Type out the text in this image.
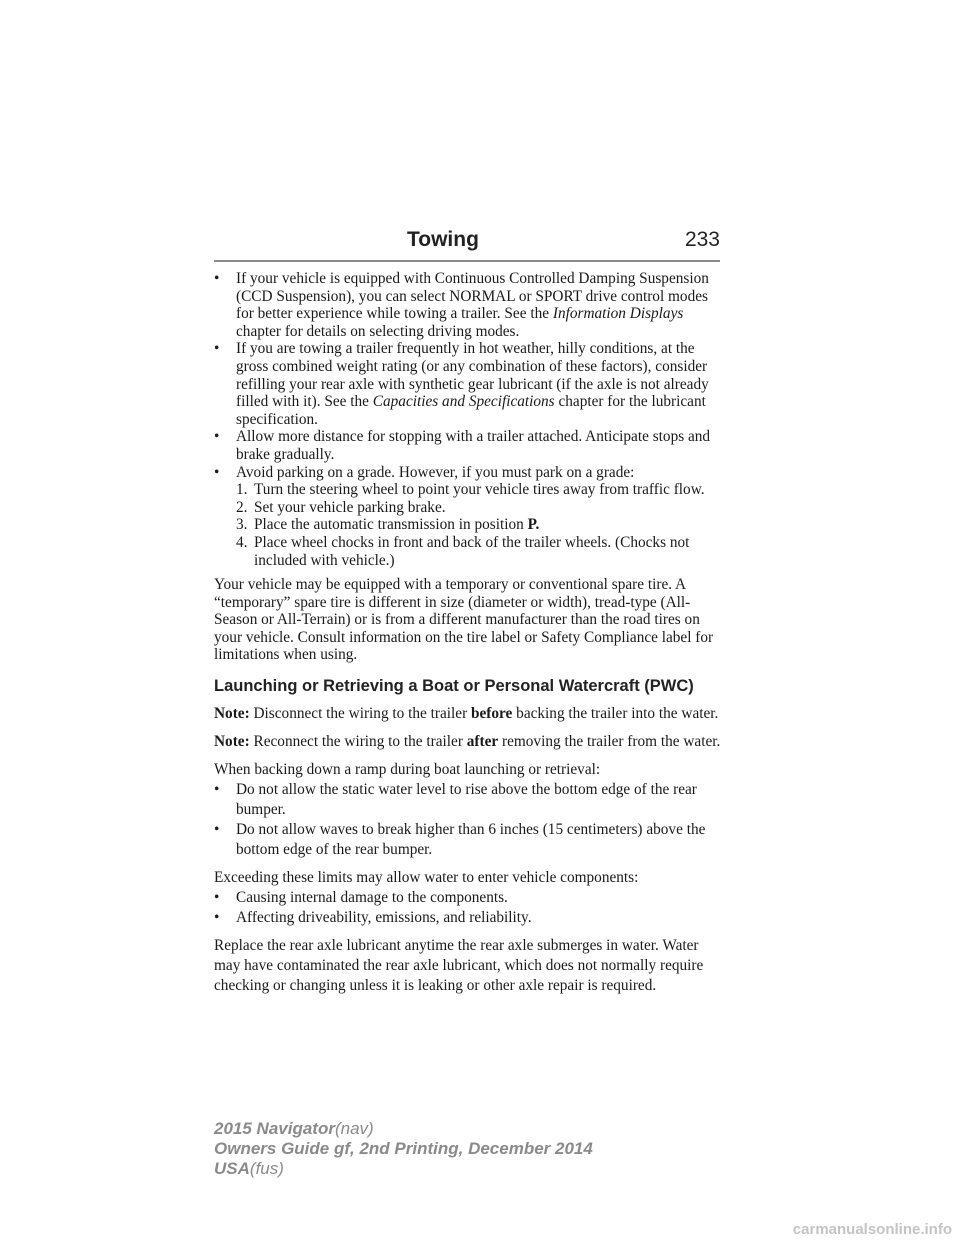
Towing	233
• If your vehicle is equipped with Continuous Controlled Damping Suspension (CCD Suspension), you can select NORMAL or SPORT drive control modes for better experience while towing a trailer. See the Information Displays chapter for details on selecting driving modes.
• If you are towing a trailer frequently in hot weather, hilly conditions, at the gross combined weight rating (or any combination of these factors), consider refilling your rear axle with synthetic gear lubricant (if the axle is not already filled with it). See the Capacities and Specifications chapter for the lubricant specification.
• Allow more distance for stopping with a trailer attached. Anticipate stops and brake gradually.
• Avoid parking on a grade. However, if you must park on a grade:
1. Turn the steering wheel to point your vehicle tires away from traffic flow.
2. Set your vehicle parking brake.
3. Place the automatic transmission in position P.
4. Place wheel chocks in front and back of the trailer wheels. (Chocks not included with vehicle.)

Your vehicle may be equipped with a temporary or conventional spare tire. A “temporary” spare tire is different in size (diameter or width), tread-type (All-Season or All-Terrain) or is from a different manufacturer than the road tires on your vehicle. Consult information on the tire label or Safety Compliance label for limitations when using.

Launching or Retrieving a Boat or Personal Watercraft (PWC)

Note: Disconnect the wiring to the trailer before backing the trailer into the water.

Note: Reconnect the wiring to the trailer after removing the trailer from the water.

When backing down a ramp during boat launching or retrieval:

• Do not allow the static water level to rise above the bottom edge of the rear bumper.
• Do not allow waves to break higher than 6 inches (15 centimeters) above the bottom edge of the rear bumper.

Exceeding these limits may allow water to enter vehicle components:

• Causing internal damage to the components.
• Affecting driveability, emissions, and reliability.

Replace the rear axle lubricant anytime the rear axle submerges in water. Water may have contaminated the rear axle lubricant, which does not normally require checking or changing unless it is leaking or other axle repair is required.

2015 Navigator(nav)
Owners Guide gf, 2nd Printing, December 2014
USA(fus)
carmanualsonline.info
